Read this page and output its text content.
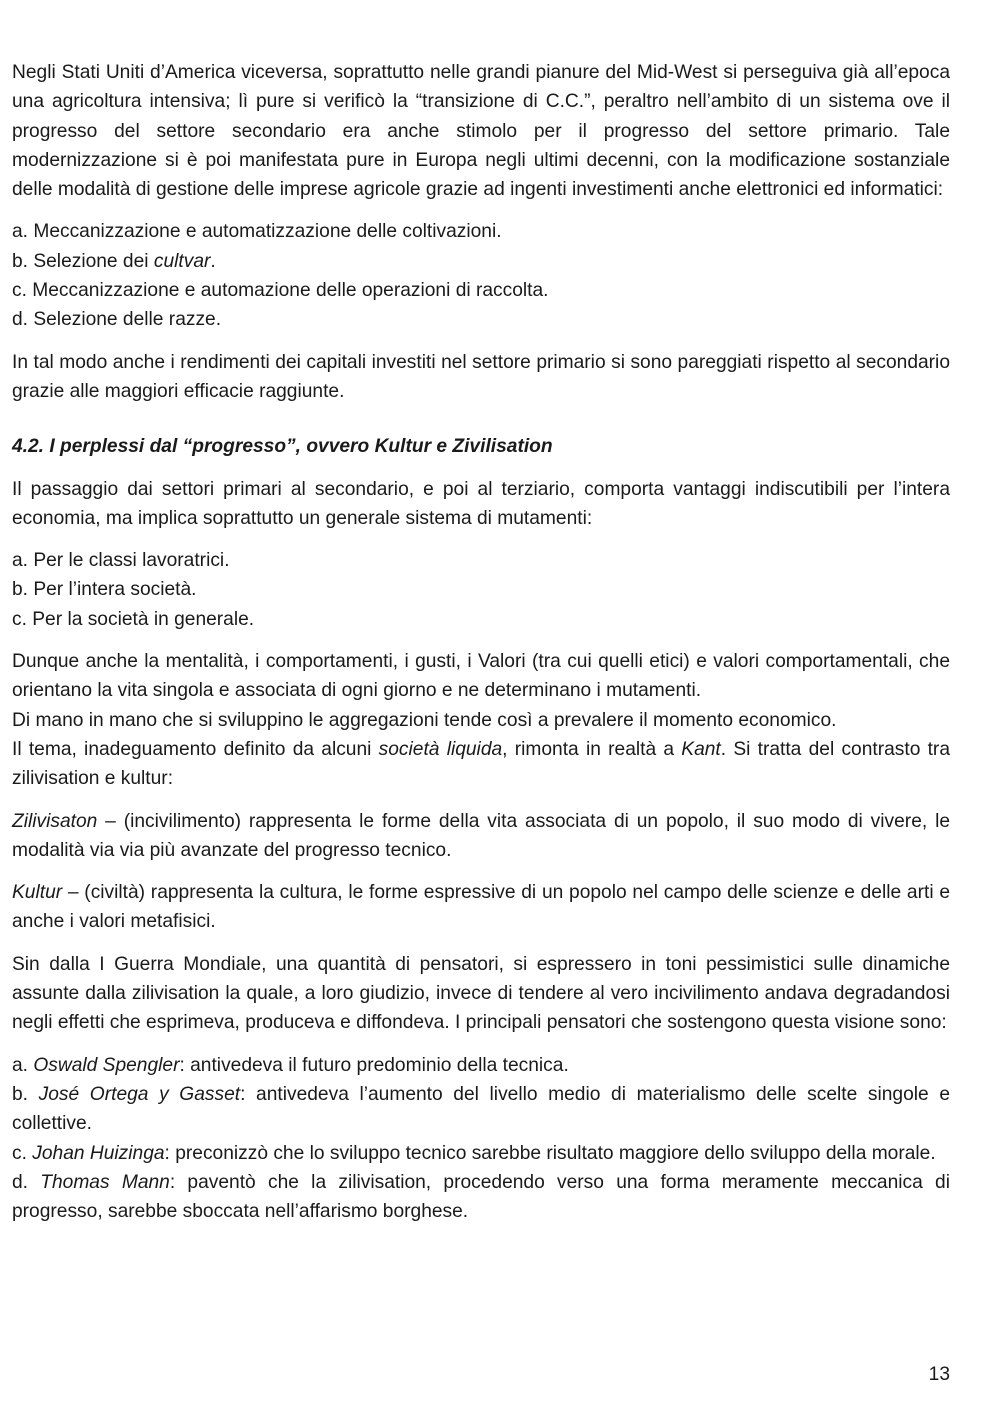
Negli Stati Uniti d’America viceversa, soprattutto nelle grandi pianure del Mid-West si perseguiva già all’epoca una agricoltura intensiva; lì pure si verificò la “transizione di C.C.”, peraltro nell’ambito di un sistema ove il progresso del settore secondario era anche stimolo per il progresso del settore primario. Tale modernizzazione si è poi manifestata pure in Europa negli ultimi decenni, con la modificazione sostanziale delle modalità di gestione delle imprese agricole grazie ad ingenti investimenti anche elettronici ed informatici:

a. Meccanizzazione e automatizzazione delle coltivazioni.

b. Selezione dei cultvar.

c. Meccanizzazione e automazione delle operazioni di raccolta.

d. Selezione delle razze.

In tal modo anche i rendimenti dei capitali investiti nel settore primario si sono pareggiati rispetto al secondario grazie alle maggiori efficacie raggiunte.

4.2. I perplessi dal “progresso”, ovvero Kultur e Zivilisation

Il passaggio dai settori primari al secondario, e poi al terziario, comporta vantaggi indiscutibili per l’intera economia, ma implica soprattutto un generale sistema di mutamenti:

a. Per le classi lavoratrici.

b. Per l’intera società.

c. Per la società in generale.

Dunque anche la mentalità, i comportamenti, i gusti, i Valori (tra cui quelli etici) e valori comportamentali, che orientano la vita singola e associata di ogni giorno e ne determinano i mutamenti.

Di mano in mano che si sviluppino le aggregazioni tende così a prevalere il momento economico.

Il tema, inadeguamento definito da alcuni società liquida, rimonta in realtà a Kant. Si tratta del contrasto tra zilivisation e kultur:

Zilivisaton – (incivilimento) rappresenta le forme della vita associata di un popolo, il suo modo di vivere, le modalità via via più avanzate del progresso tecnico.

Kultur – (civiltà) rappresenta la cultura, le forme espressive di un popolo nel campo delle scienze e delle arti e anche i valori metafisici.

Sin dalla I Guerra Mondiale, una quantità di pensatori, si espressero in toni pessimistici sulle dinamiche assunte dalla zilivisation la quale, a loro giudizio, invece di tendere al vero incivilimento andava degradandosi negli effetti che esprimeva, produceva e diffondeva. I principali pensatori che sostengono questa visione sono:

a. Oswald Spengler: antivedeva il futuro predominio della tecnica.

b. José Ortega y Gasset: antivedeva l’aumento del livello medio di materialismo delle scelte singole e collettive.

c. Johan Huizinga: preconizzò che lo sviluppo tecnico sarebbe risultato maggiore dello sviluppo della morale.

d. Thomas Mann: paventò che la zilivisation, procedendo verso una forma meramente meccanica di progresso, sarebbe sboccata nell’affarismo borghese.

13
